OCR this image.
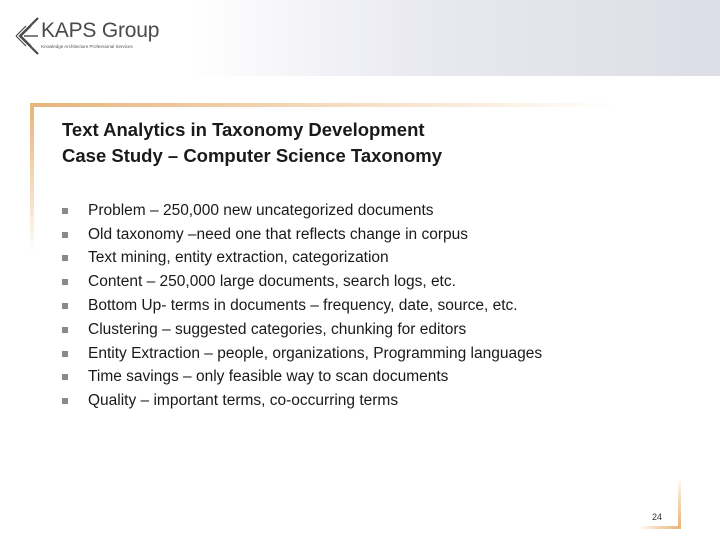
KAPS Group
Knowledge Architecture Professional Services
Text Analytics in Taxonomy Development
Case Study – Computer Science Taxonomy
Problem – 250,000 new uncategorized documents
Old taxonomy –need one that reflects change in corpus
Text mining, entity extraction, categorization
Content – 250,000 large documents, search logs, etc.
Bottom Up- terms in documents – frequency, date, source, etc.
Clustering – suggested categories, chunking for editors
Entity Extraction – people, organizations, Programming languages
Time savings – only feasible way to scan documents
Quality – important terms, co-occurring terms
24
